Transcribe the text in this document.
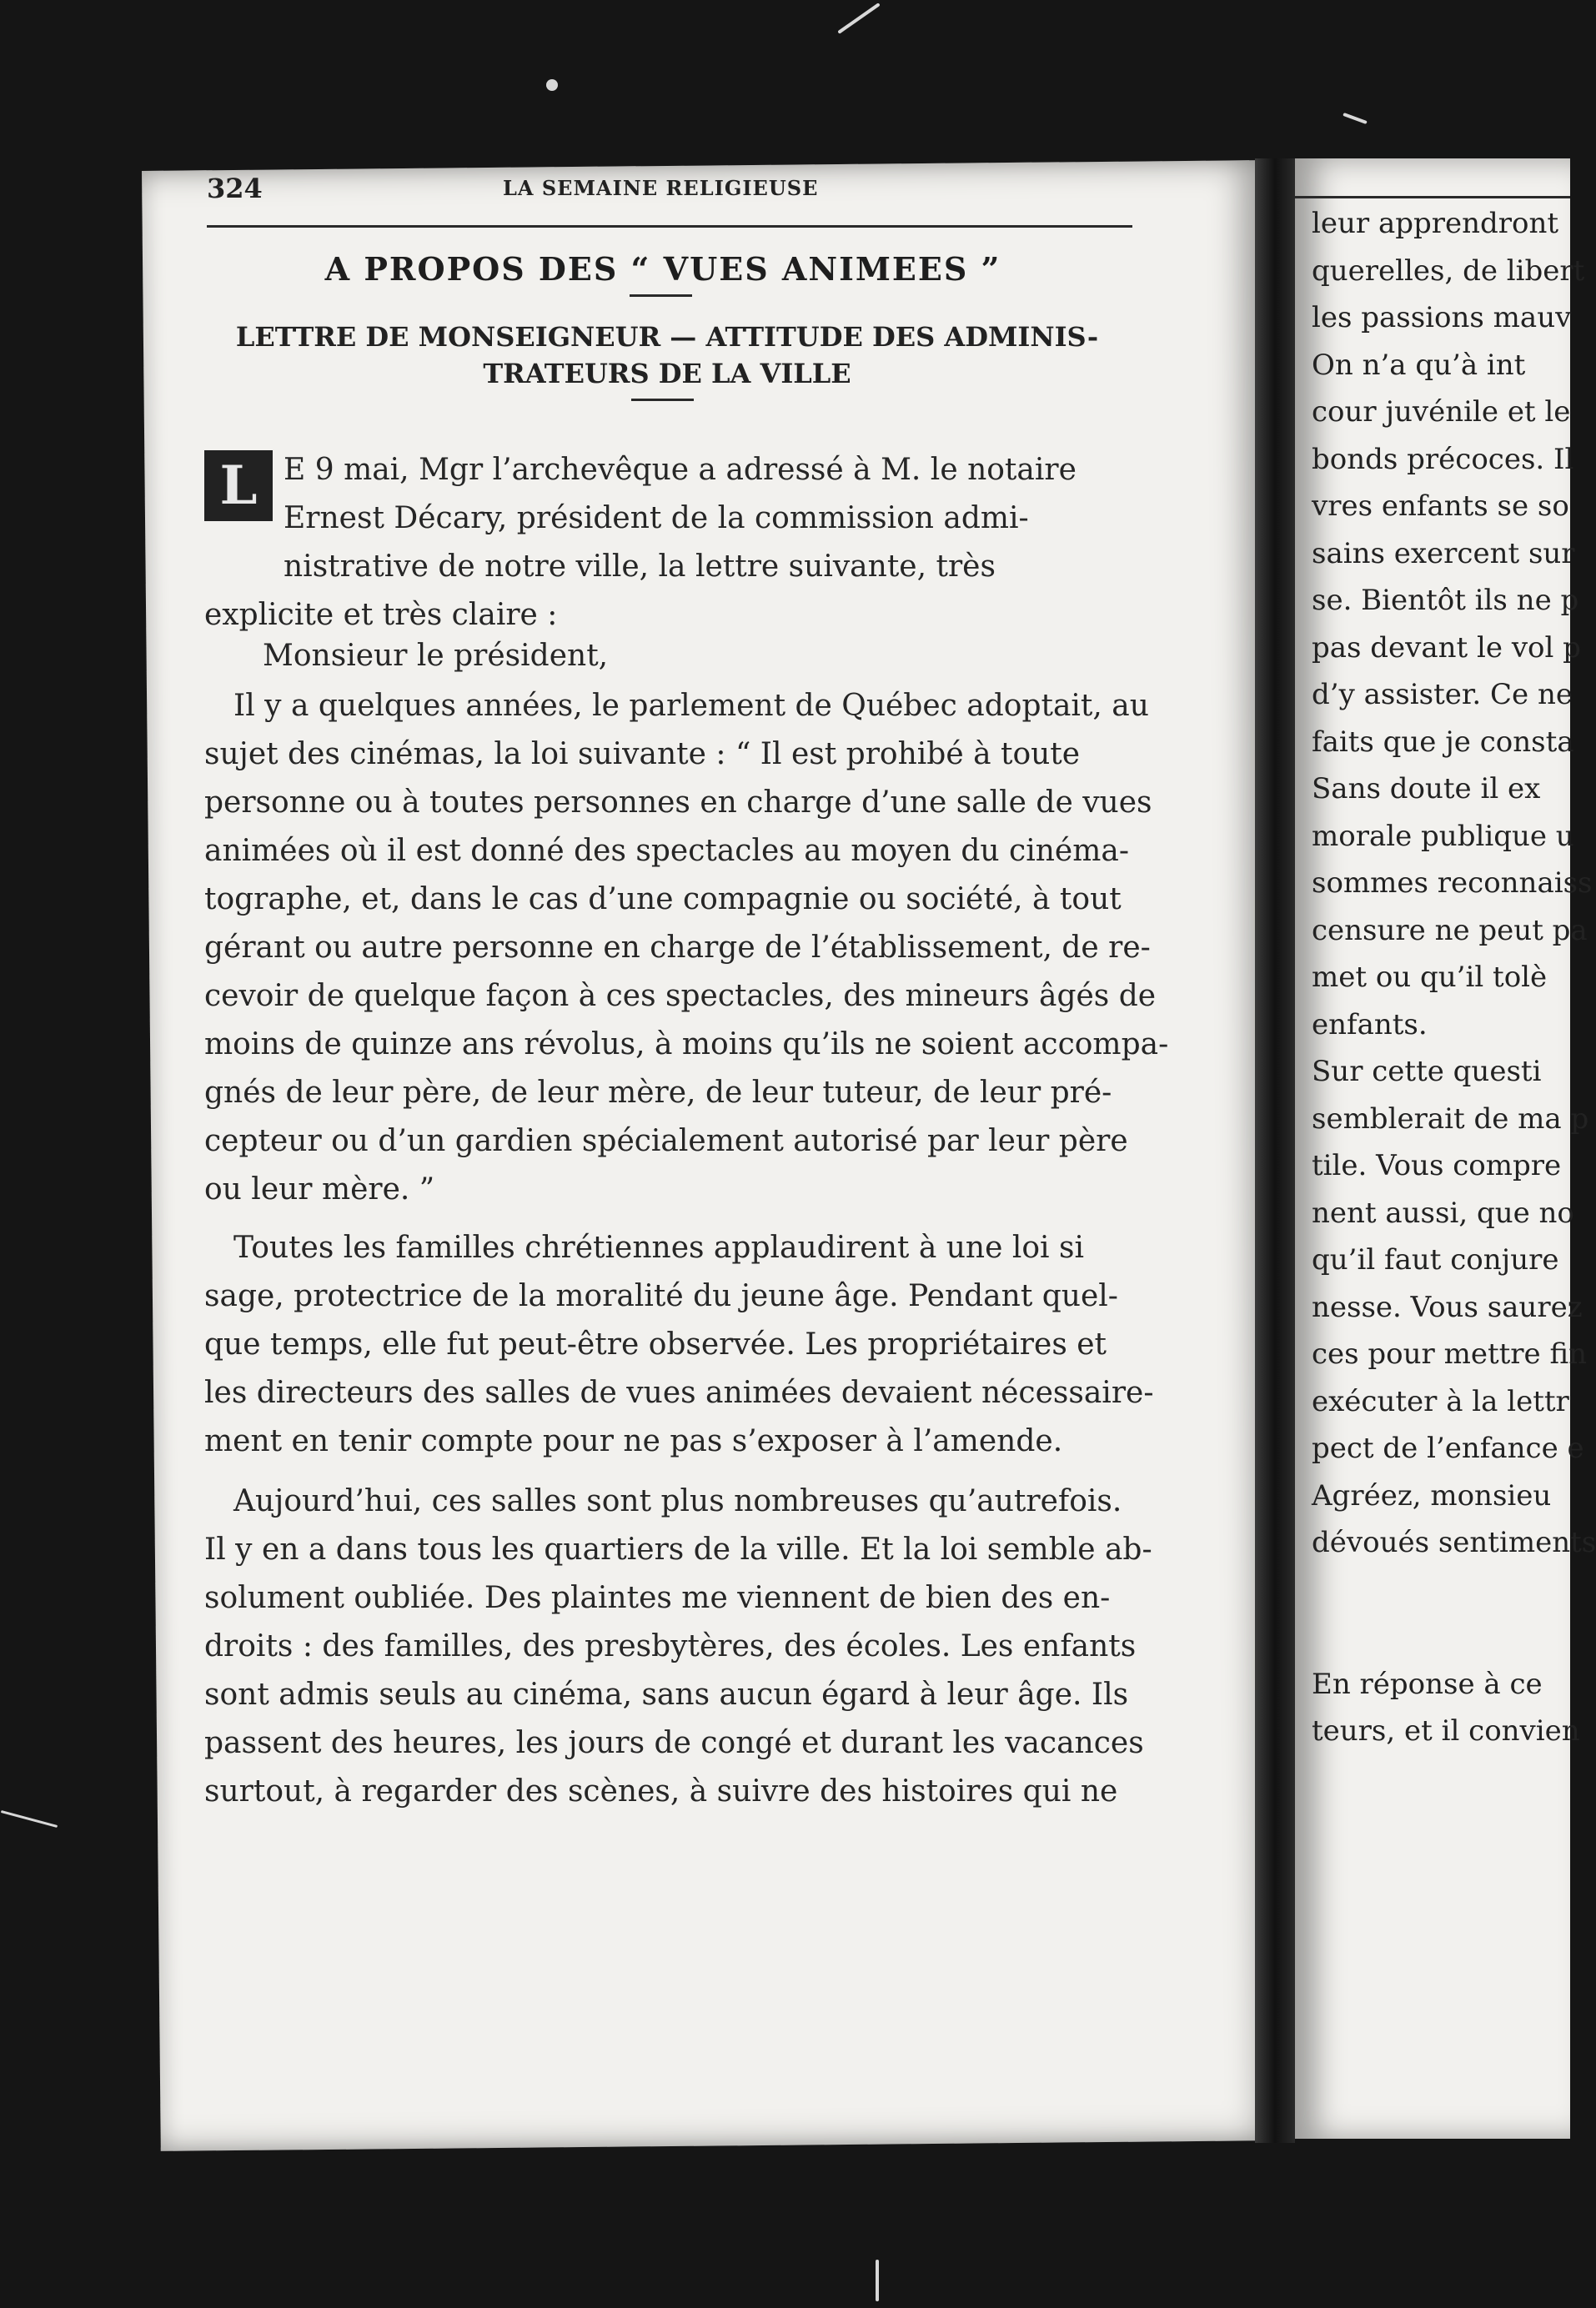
leur apprendront
querelles, de libert
les passions mauv
On n’a qu’à int
cour juvénile et le
bonds précoces. Il
vres enfants se so
sains exercent sur
se. Bientôt ils ne p
pas devant le vol p
d’y assister. Ce ne
faits que je consta
Sans doute il ex
morale publique u
sommes reconnaiss
censure ne peut pa
met ou qu’il tolè
enfants.
Sur cette questi
semblerait de ma p
tile. Vous compre
nent aussi, que no
qu’il faut conjure
nesse. Vous saurez
ces pour mettre fin
exécuter à la lettr
pect de l’enfance e
Agréez, monsieu
dévoués sentiments

En réponse à ce
teurs, et il convien
324	LA SEMAINE RELIGIEUSE
A PROPOS DES “ VUES ANIMEES ”
LETTRE DE MONSEIGNEUR — ATTITUDE DES ADMINIS-
TRATEURS DE LA VILLE
L E 9 mai, Mgr l’archevêque a adressé à M. le notaire
Ernest Décary, président de la commission admi-
nistrative de notre ville, la lettre suivante, très
explicite et très claire :
Monsieur le président,
Il y a quelques années, le parlement de Québec adoptait, au
sujet des cinémas, la loi suivante : “ Il est prohibé à toute
personne ou à toutes personnes en charge d’une salle de vues
animées où il est donné des spectacles au moyen du cinéma-
tographe, et, dans le cas d’une compagnie ou société, à tout
gérant ou autre personne en charge de l’établissement, de re-
cevoir de quelque façon à ces spectacles, des mineurs âgés de
moins de quinze ans révolus, à moins qu’ils ne soient accompa-
gnés de leur père, de leur mère, de leur tuteur, de leur pré-
cepteur ou d’un gardien spécialement autorisé par leur père
ou leur mère. ”
Toutes les familles chrétiennes applaudirent à une loi si
sage, protectrice de la moralité du jeune âge. Pendant quel-
que temps, elle fut peut-être observée. Les propriétaires et
les directeurs des salles de vues animées devaient nécessaire-
ment en tenir compte pour ne pas s’exposer à l’amende.
Aujourd’hui, ces salles sont plus nombreuses qu’autrefois.
Il y en a dans tous les quartiers de la ville. Et la loi semble ab-
solument oubliée. Des plaintes me viennent de bien des en-
droits : des familles, des presbytères, des écoles. Les enfants
sont admis seuls au cinéma, sans aucun égard à leur âge. Ils
passent des heures, les jours de congé et durant les vacances
surtout, à regarder des scènes, à suivre des histoires qui ne
